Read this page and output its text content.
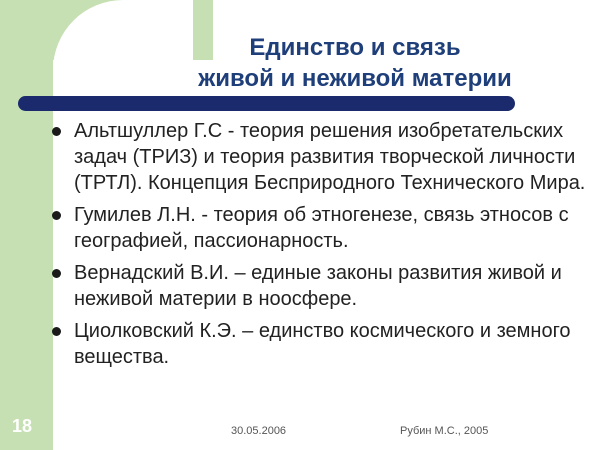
Единство и связь
живой и неживой материи
Альтшуллер Г.С - теория решения изобретательских задач (ТРИЗ) и теория развития творческой личности (ТРТЛ). Концепция Бесприродного Технического Мира.
Гумилев Л.Н. - теория об этногенезе, связь этносов с географией, пассионарность.
Вернадский В.И. – единые законы развития живой и неживой материи в ноосфере.
Циолковский К.Э. – единство космического и земного вещества.
18	30.05.2006	Рубин М.С., 2005
